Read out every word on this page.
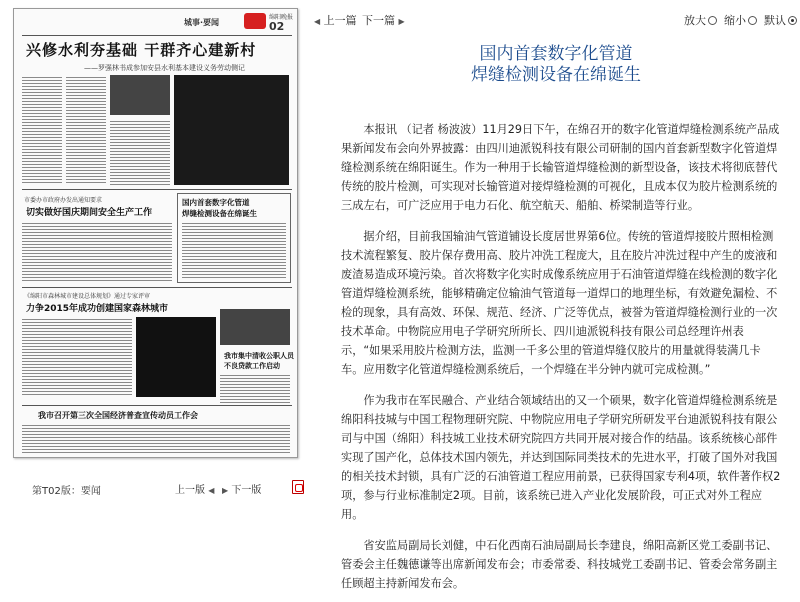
城事·要闻
绵阳晚报
02
兴修水利夯基础 干群齐心建新村
——罗强林书成参加安县水利基本建设义务劳动侧记
市委办市政府办发出通知要求
切实做好国庆期间安全生产工作
国内首套数字化管道
焊缝检测设备在绵诞生
《绵阳市森林城市建设总体规划》通过专家评审
力争2015年成功创建国家森林城市
我市集中清收公职人员
不良贷款工作启动
我市召开第三次全国经济普查宣传动员工作会
第T02版：要闻	上一版 ◀ ▶ 下一版
◀ 上一篇 下一篇 ▶	放大	缩小	默认
国内首套数字化管道
焊缝检测设备在绵诞生

本报讯 （记者 杨波波）11月29日下午，在绵召开的数字化管道焊缝检测系统产品成果新闻发布会向外界披露：由四川迪派锐科技有限公司研制的国内首套新型数字化管道焊缝检测系统在绵阳诞生。作为一种用于长输管道焊缝检测的新型设备，该技术将彻底替代传统的胶片检测，可实现对长输管道对接焊缝检测的可视化，且成本仅为胶片检测系统的三成左右，可广泛应用于电力石化、航空航天、船舶、桥梁制造等行业。

据介绍，目前我国输油气管道铺设长度居世界第6位。传统的管道焊接胶片照相检测技术流程繁复、胶片保存费用高、胶片冲洗工程庞大，且在胶片冲洗过程中产生的废液和废渣易造成环境污染。首次将数字化实时成像系统应用于石油管道焊缝在线检测的数字化管道焊缝检测系统，能够精确定位输油气管道每一道焊口的地理坐标，有效避免漏检、不检的现象，具有高效、环保、规范、经济、广泛等优点，被誉为管道焊缝检测行业的一次技术革命。中物院应用电子学研究所所长、四川迪派锐科技有限公司总经理许州表示，“如果采用胶片检测方法，监测一千多公里的管道焊缝仅胶片的用量就得装满几卡车。应用数字化管道焊缝检测系统后，一个焊缝在半分钟内就可完成检测。”

作为我市在军民融合、产业结合领域结出的又一个硕果，数字化管道焊缝检测系统是绵阳科技城与中国工程物理研究院、中物院应用电子学研究所研发平台迪派锐科技有限公司与中国（绵阳）科技城工业技术研究院四方共同开展对接合作的结晶。该系统核心部件实现了国产化，总体技术国内领先，并达到国际同类技术的先进水平，打破了国外对我国的相关技术封锁，具有广泛的石油管道工程应用前景，已获得国家专利4项，软件著作权2项，参与行业标准制定2项。目前，该系统已进入产业化发展阶段，可正式对外工程应用。

省安监局副局长刘健，中石化西南石油局副局长李建良，绵阳高新区党工委副书记、管委会主任魏德谦等出席新闻发布会；市委常委、科技城党工委副书记、管委会常务副主任顾超主持新闻发布会。
